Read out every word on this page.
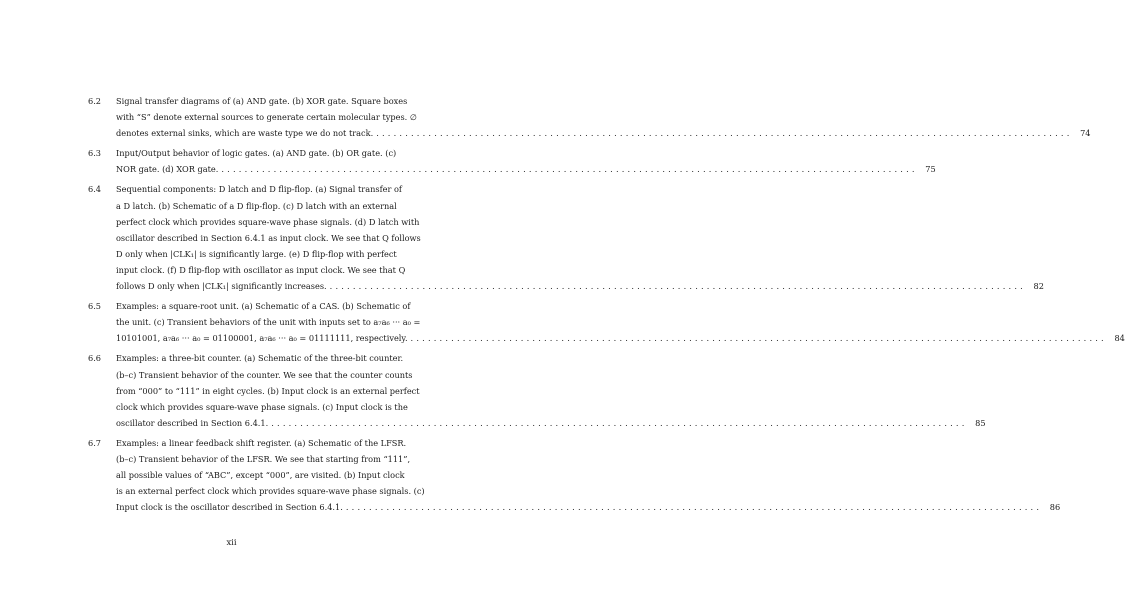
6.2	Signal transfer diagrams of (a) AND gate. (b) XOR gate. Square boxes
with “S” denote external sources to generate certain molecular types. ∅
denotes external sinks, which are waste type we do not track. ........................................................................................................................ 74
6.3	Input/Output behavior of logic gates. (a) AND gate. (b) OR gate. (c)
NOR gate. (d) XOR gate. ........................................................................................................................ 75
6.4	Sequential components: D latch and D flip-flop. (a) Signal transfer of
a D latch. (b) Schematic of a D flip-flop. (c) D latch with an external
perfect clock which provides square-wave phase signals. (d) D latch with
oscillator described in Section 6.4.1 as input clock. We see that Q follows
D only when |CLK₁| is significantly large. (e) D flip-flop with perfect
input clock. (f) D flip-flop with oscillator as input clock. We see that Q
follows D only when |CLK₁| significantly increases. ........................................................................................................................ 82
6.5	Examples: a square-root unit. (a) Schematic of a CAS. (b) Schematic of
the unit. (c) Transient behaviors of the unit with inputs set to a₇a₆ ··· a₀ =
10101001, a₇a₆ ··· a₀ = 01100001, a₇a₆ ··· a₀ = 01111111, respectively. ........................................................................................................................ 84
6.6	Examples: a three-bit counter. (a) Schematic of the three-bit counter.
(b–c) Transient behavior of the counter. We see that the counter counts
from “000” to “111” in eight cycles. (b) Input clock is an external perfect
clock which provides square-wave phase signals. (c) Input clock is the
oscillator described in Section 6.4.1. ........................................................................................................................ 85
6.7	Examples: a linear feedback shift register. (a) Schematic of the LFSR.
(b–c) Transient behavior of the LFSR. We see that starting from “111”,
all possible values of “ABC”, except “000”, are visited. (b) Input clock
is an external perfect clock which provides square-wave phase signals. (c)
Input clock is the oscillator described in Section 6.4.1. ........................................................................................................................ 86
xii
